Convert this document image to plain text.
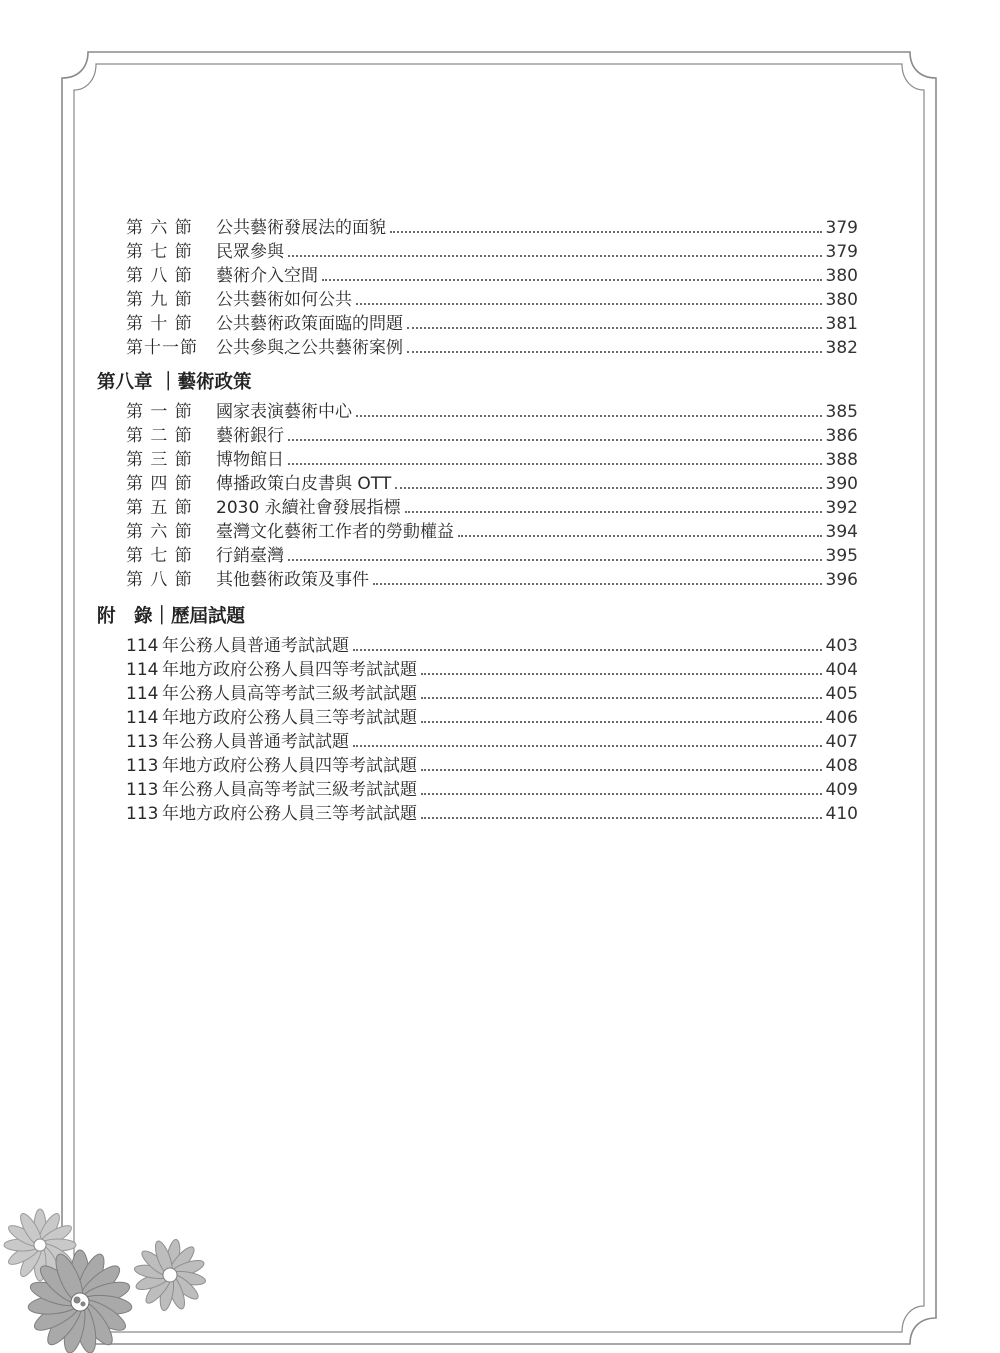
第 六 節	公共藝術發展法的面貌	379
第 七 節	民眾參與	379
第 八 節	藝術介入空間	380
第 九 節	公共藝術如何公共	380
第 十 節	公共藝術政策面臨的問題	381
第十一節	公共參與之公共藝術案例	382
第八章 ｜藝術政策
第 一 節	國家表演藝術中心	385
第 二 節	藝術銀行	386
第 三 節	博物館日	388
第 四 節	傳播政策白皮書與 OTT	390
第 五 節	2030 永續社會發展指標	392
第 六 節	臺灣文化藝術工作者的勞動權益	394
第 七 節	行銷臺灣	395
第 八 節	其他藝術政策及事件	396
附　錄｜歷屆試題
114 年公務人員普通考試試題	403
114 年地方政府公務人員四等考試試題	404
114 年公務人員高等考試三級考試試題	405
114 年地方政府公務人員三等考試試題	406
113 年公務人員普通考試試題	407
113 年地方政府公務人員四等考試試題	408
113 年公務人員高等考試三級考試試題	409
113 年地方政府公務人員三等考試試題	410
